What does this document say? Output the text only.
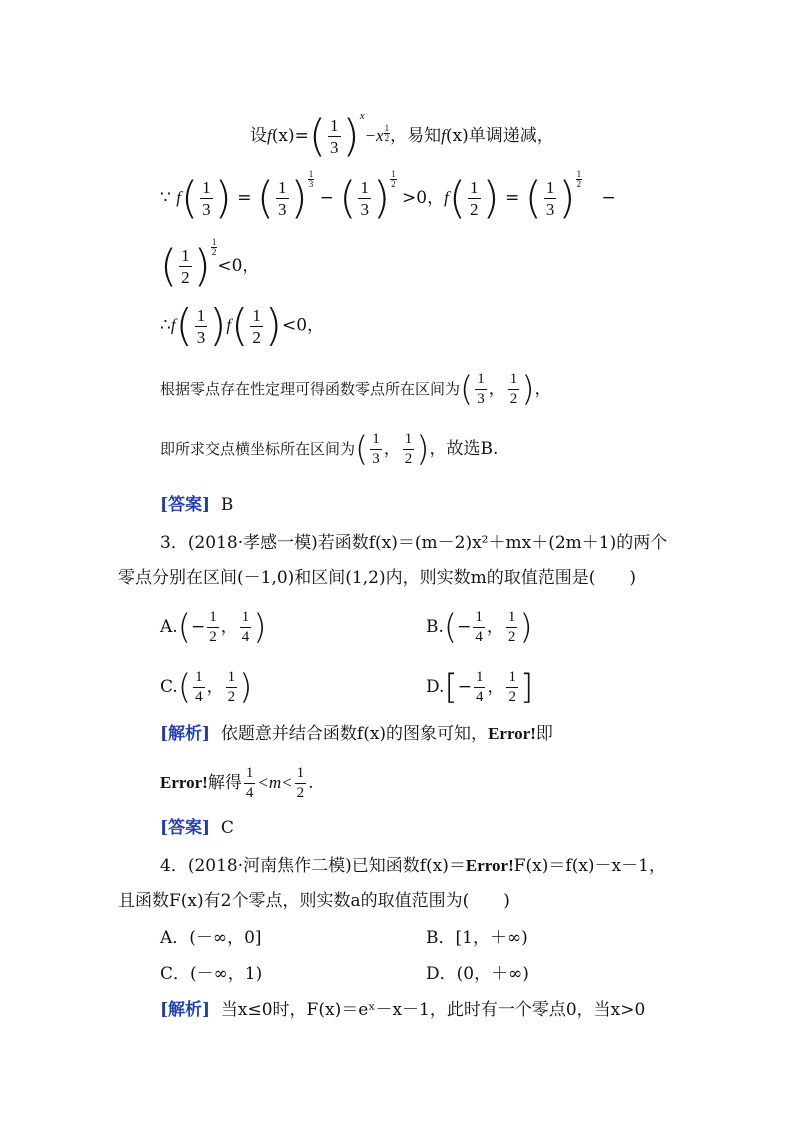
设$f(x)=( \frac{1}{3} )^x-x \frac{1}{2}$ ，易知f(x)单调递减，
∵ $f( \frac{1}{3}$ ) = ( $\frac{1}{3}$ ) $\frac{1}{3}$
− ( $\frac{1}{3}$ ) $\frac{1}{2}$
>0，$f( \frac{1}{2}$ ) = ( $\frac{1}{3}$ ) $\frac{1}{2}$
−
( $\frac{1}{2}$ ) $\frac{1}{2}$
<0，
∴f( $\frac{1}{3} )f( \frac{1}{2} )<0$，
根据零点存在性定理可得函数零点所在区间为( $\frac{1}{3}$ ， $\frac{1}{2}$ )，
即所求交点横坐标所在区间为( $\frac{1}{3}$ ， $\frac{1}{2}$ )，故选B.
[答案] B
3．(2018·孝感一模)若函数f(x)＝(m－2)x²＋mx＋(2m＋1)的两个
零点分别在区间(－1,0)和区间(1,2)内，则实数m的取值范围是(　　)
$A.(- \frac{1}{2}$ ， $\frac{1}{4}$ )	$B.(- \frac{1}{4}$ ， $\frac{1}{2}$ )
$C.( \frac{1}{4}$ ， $\frac{1}{2}$ )	$D.[- \frac{1}{4}$ ， $\frac{1}{2}$ ]
[解析] 依题意并结合函数f(x)的图象可知，Error!即
Error!解得 $\frac{1}{4} <m< \frac{1}{2}$ .
[答案] C
4．(2018·河南焦作二模)已知函数f(x)＝Error!F(x)＝f(x)－x－1，
且函数F(x)有2个零点，则实数a的取值范围为(　　)
A．(－∞，0]	B．[1，＋∞)
C．(－∞，1)	D．(0，＋∞)
[解析] 当x≤0时，F(x)＝eˣ－x－1，此时有一个零点0，当x>0
